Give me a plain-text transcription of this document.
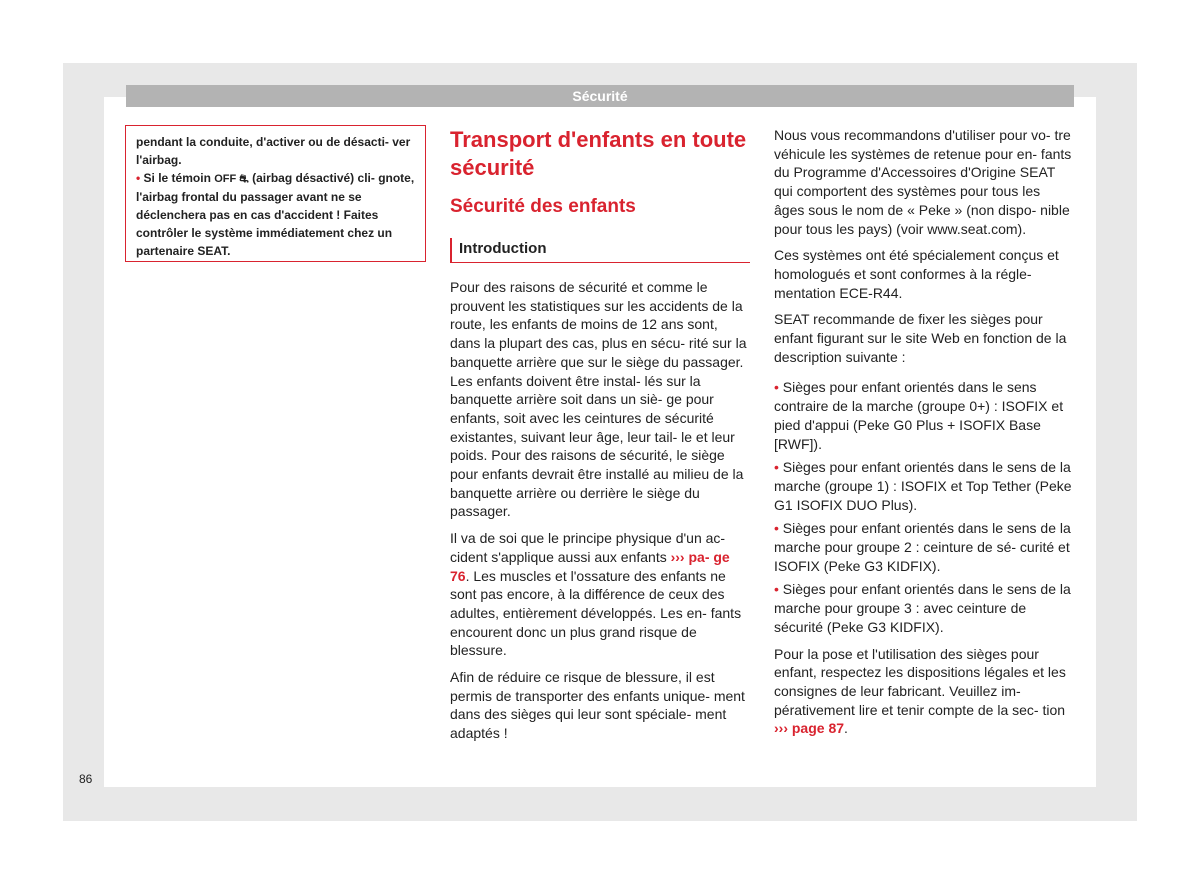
Sécurité

pendant la conduite, d'activer ou de désacti- ver l'airbag.

• Si le témoin OFF ⛐ (airbag désactivé) cli- gnote, l'airbag frontal du passager avant ne se déclenchera pas en cas d'accident ! Faites contrôler le système immédiatement chez un partenaire SEAT.

Transport d'enfants en toute sécurité
Sécurité des enfants
Introduction

Pour des raisons de sécurité et comme le prouvent les statistiques sur les accidents de la route, les enfants de moins de 12 ans sont, dans la plupart des cas, plus en sécu- rité sur la banquette arrière que sur le siège du passager. Les enfants doivent être instal- lés sur la banquette arrière soit dans un siè- ge pour enfants, soit avec les ceintures de sécurité existantes, suivant leur âge, leur tail- le et leur poids. Pour des raisons de sécurité, le siège pour enfants devrait être installé au milieu de la banquette arrière ou derrière le siège du passager.

Il va de soi que le principe physique d'un ac- cident s'applique aussi aux enfants ››› pa- ge 76. Les muscles et l'ossature des enfants ne sont pas encore, à la différence de ceux des adultes, entièrement développés. Les en- fants encourent donc un plus grand risque de blessure.

Afin de réduire ce risque de blessure, il est permis de transporter des enfants unique- ment dans des sièges qui leur sont spéciale- ment adaptés !

Nous vous recommandons d'utiliser pour vo- tre véhicule les systèmes de retenue pour en- fants du Programme d'Accessoires d'Origine SEAT qui comportent des systèmes pour tous les âges sous le nom de « Peke » (non dispo- nible pour tous les pays) (voir www.seat.com).

Ces systèmes ont été spécialement conçus et homologués et sont conformes à la régle- mentation ECE-R44.

SEAT recommande de fixer les sièges pour enfant figurant sur le site Web en fonction de la description suivante :

• Sièges pour enfant orientés dans le sens contraire de la marche (groupe 0+) : ISOFIX et pied d'appui (Peke G0 Plus + ISOFIX Base [RWF]).
• Sièges pour enfant orientés dans le sens de la marche (groupe 1) : ISOFIX et Top Tether (Peke G1 ISOFIX DUO Plus).
• Sièges pour enfant orientés dans le sens de la marche pour groupe 2 : ceinture de sé- curité et ISOFIX (Peke G3 KIDFIX).
• Sièges pour enfant orientés dans le sens de la marche pour groupe 3 : avec ceinture de sécurité (Peke G3 KIDFIX).

Pour la pose et l'utilisation des sièges pour enfant, respectez les dispositions légales et les consignes de leur fabricant. Veuillez im- pérativement lire et tenir compte de la sec- tion ››› page 87.

86
